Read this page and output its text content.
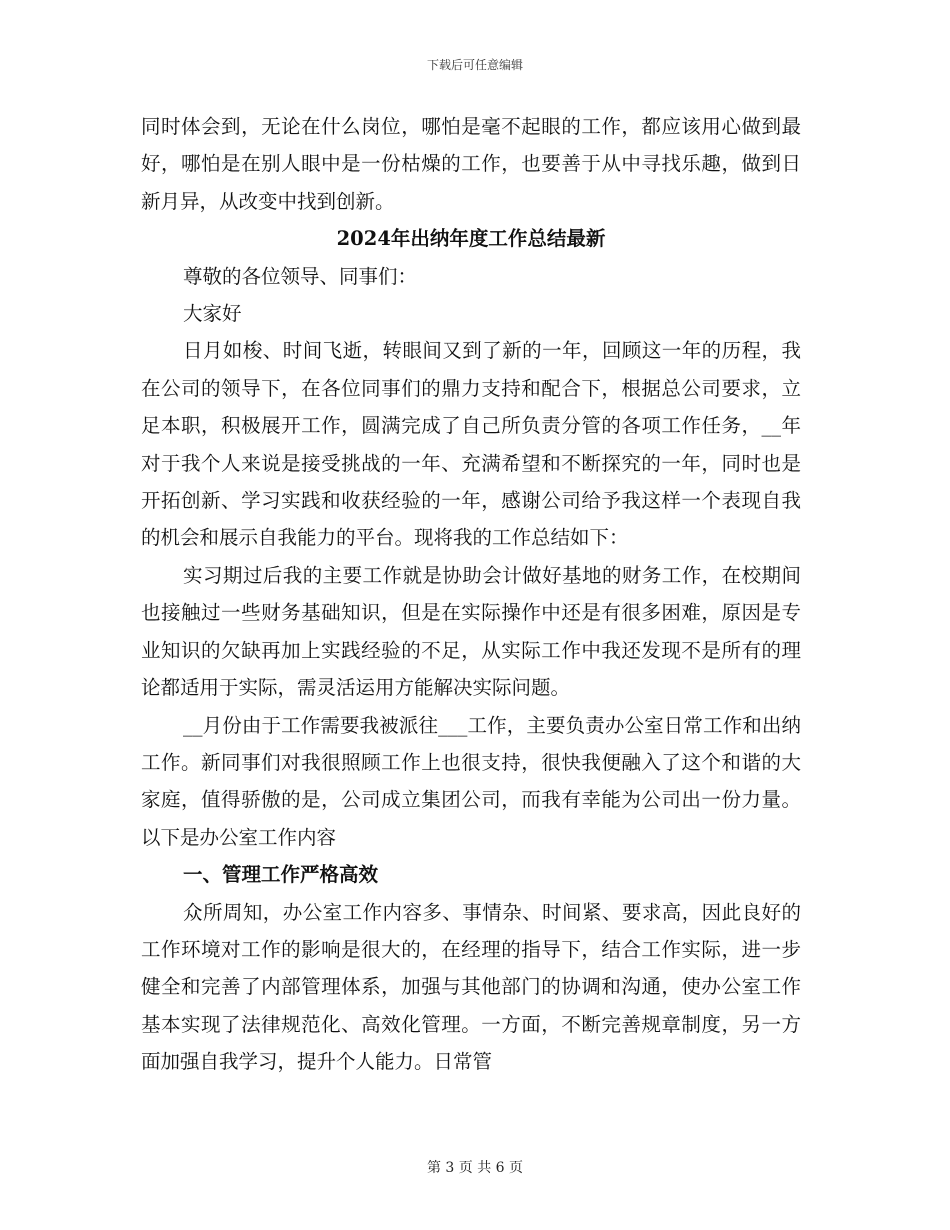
下载后可任意编辑

同时体会到，无论在什么岗位，哪怕是毫不起眼的工作，都应该用心做到最好，哪怕是在别人眼中是一份枯燥的工作，也要善于从中寻找乐趣，做到日新月异，从改变中找到创新。

2024年出纳年度工作总结最新

尊敬的各位领导、同事们：

大家好

日月如梭、时间飞逝，转眼间又到了新的一年，回顾这一年的历程，我在公司的领导下，在各位同事们的鼎力支持和配合下，根据总公司要求，立足本职，积极展开工作，圆满完成了自己所负责分管的各项工作任务，__年对于我个人来说是接受挑战的一年、充满希望和不断探究的一年，同时也是开拓创新、学习实践和收获经验的一年，感谢公司给予我这样一个表现自我的机会和展示自我能力的平台。现将我的工作总结如下：

实习期过后我的主要工作就是协助会计做好基地的财务工作，在校期间也接触过一些财务基础知识，但是在实际操作中还是有很多困难，原因是专业知识的欠缺再加上实践经验的不足，从实际工作中我还发现不是所有的理论都适用于实际，需灵活运用方能解决实际问题。

__月份由于工作需要我被派往___工作，主要负责办公室日常工作和出纳工作。新同事们对我很照顾工作上也很支持，很快我便融入了这个和谐的大家庭，值得骄傲的是，公司成立集团公司，而我有幸能为公司出一份力量。以下是办公室工作内容

一、管理工作严格高效

众所周知，办公室工作内容多、事情杂、时间紧、要求高，因此良好的工作环境对工作的影响是很大的，在经理的指导下，结合工作实际，进一步健全和完善了内部管理体系，加强与其他部门的协调和沟通，使办公室工作基本实现了法律规范化、高效化管理。一方面，不断完善规章制度，另一方面加强自我学习，提升个人能力。日常管

第 3 页 共 6 页
